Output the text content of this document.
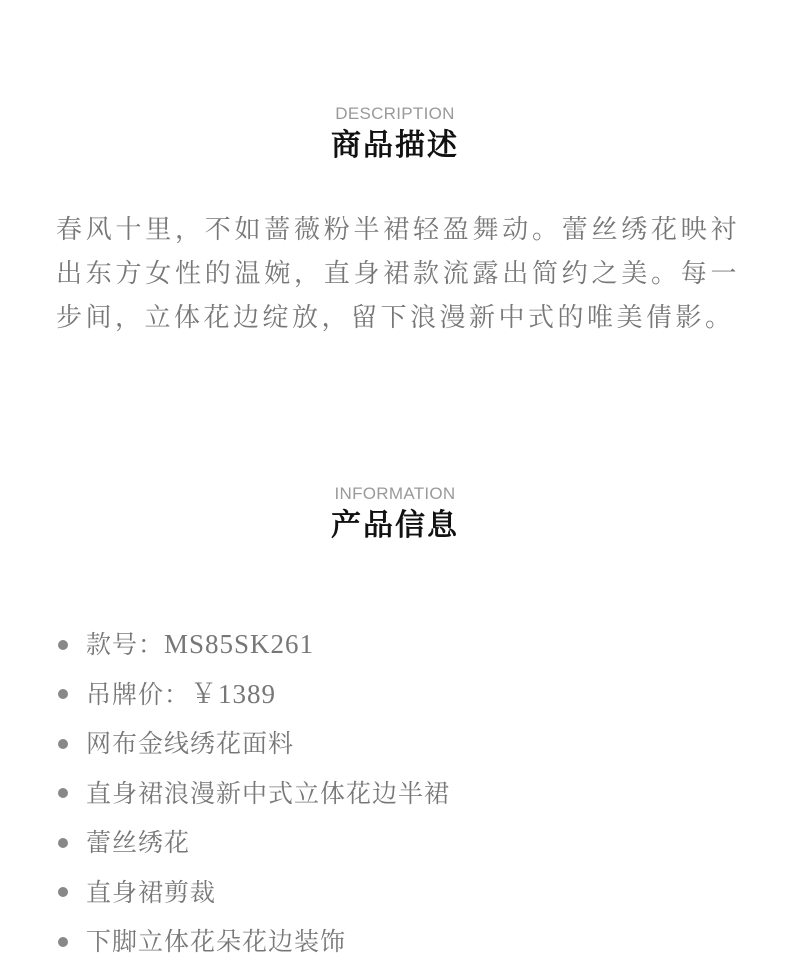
DESCRIPTION
商品描述
春风十里，不如蔷薇粉半裙轻盈舞动。蕾丝绣花映衬出东方女性的温婉，直身裙款流露出简约之美。每一步间，立体花边绽放，留下浪漫新中式的唯美倩影。
INFORMATION
产品信息
款号： MS85SK261
吊牌价： ￥1389
网布金线绣花面料
直身裙浪漫新中式立体花边半裙
蕾丝绣花
直身裙剪裁
下脚立体花朵花边装饰
